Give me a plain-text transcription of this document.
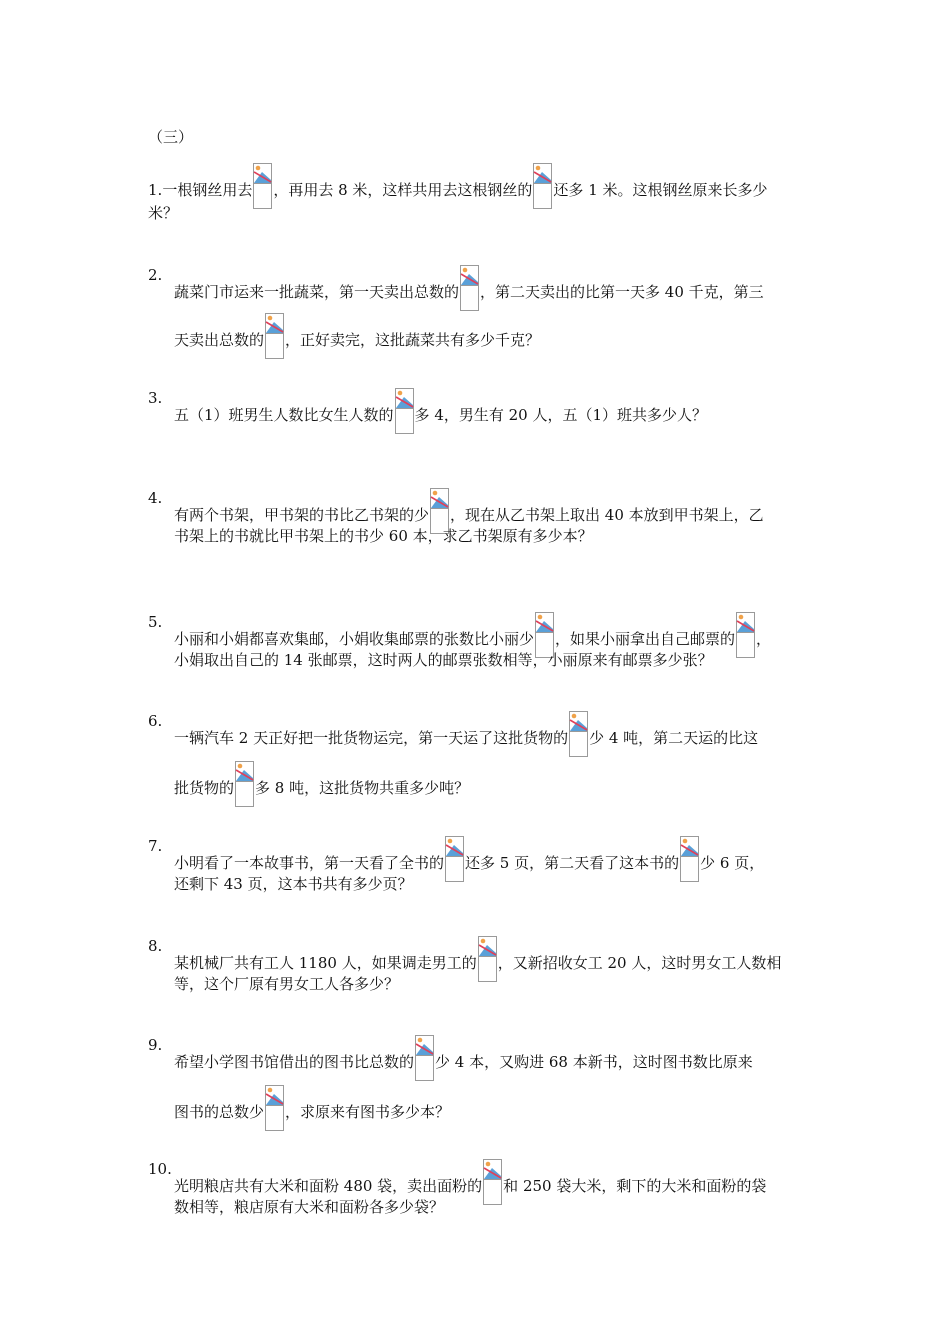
（三）
1.一根钢丝用去 ，再用去 8 米，这样共用去这根钢丝的 还多 1 米。这根钢丝原来长多少
米？
2.
蔬菜门市运来一批蔬菜，第一天卖出总数的 ，第二天卖出的比第一天多 40 千克，第三
天卖出总数的 ，正好卖完，这批蔬菜共有多少千克？
3.
五（1）班男生人数比女生人数的 多 4，男生有 20 人，五（1）班共多少人？
4.
有两个书架，甲书架的书比乙书架的少 ，现在从乙书架上取出 40 本放到甲书架上，乙
书架上的书就比甲书架上的书少 60 本，求乙书架原有多少本？
5.
小丽和小娟都喜欢集邮，小娟收集邮票的张数比小丽少 ，如果小丽拿出自己邮票的 ，
小娟取出自己的 14 张邮票，这时两人的邮票张数相等，小丽原来有邮票多少张？
6.
一辆汽车 2 天正好把一批货物运完，第一天运了这批货物的 少 4 吨，第二天运的比这
批货物的 多 8 吨，这批货物共重多少吨？
7.
小明看了一本故事书，第一天看了全书的 还多 5 页，第二天看了这本书的 少 6 页，
还剩下 43 页，这本书共有多少页？
8.
某机械厂共有工人 1180 人，如果调走男工的 ，又新招收女工 20 人，这时男女工人数相
等，这个厂原有男女工人各多少？
9.
希望小学图书馆借出的图书比总数的 少 4 本，又购进 68 本新书，这时图书数比原来
图书的总数少 ，求原来有图书多少本？
10.
光明粮店共有大米和面粉 480 袋，卖出面粉的 和 250 袋大米，剩下的大米和面粉的袋
数相等，粮店原有大米和面粉各多少袋？
